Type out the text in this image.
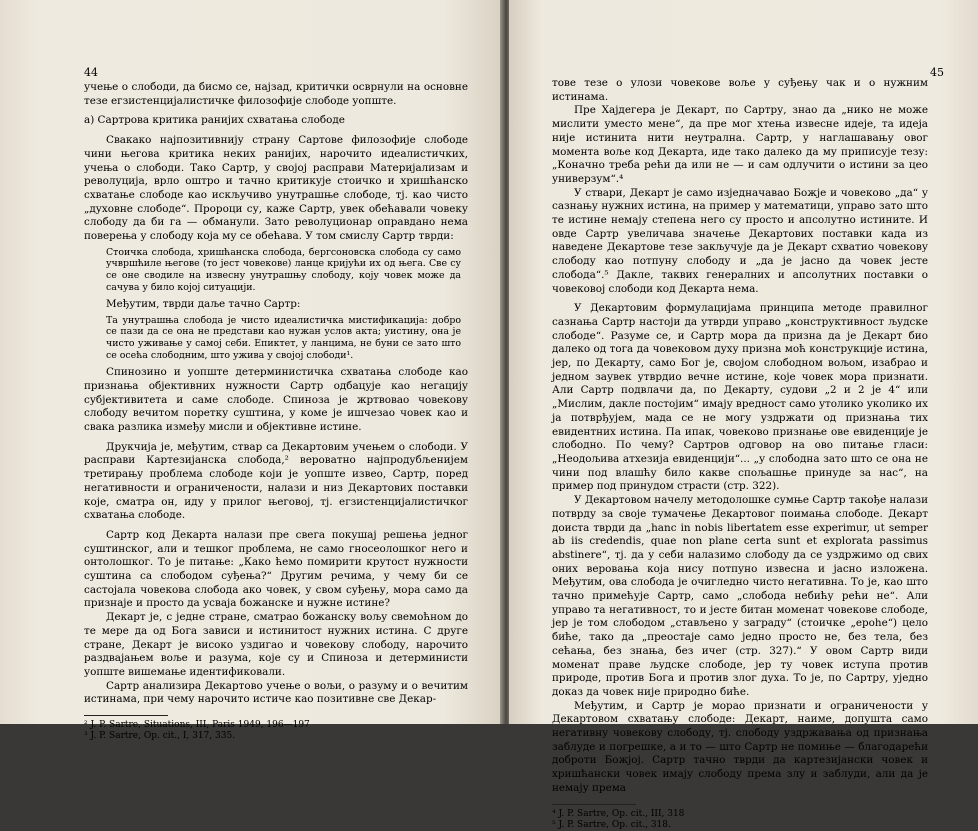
44	45

учење о слободи, да бисмо се, најзад, критички осврнули на основне тезе егзистенцијалистичке филозофије слободе уопште.

а) Сартрова критика ранијих схватања слободе

Свакако најпозитивнију страну Сартове филозофије слободе чини његова критика неких ранијих, нарочито идеалистичких, учења о слободи. Тако Сартр, у својој расправи Материјализам и револуција, врло оштро и тачно критикује стоичко и хришћанско схватање слободе као искључиво унутрашње слободе, тј. као чисто „духовне слободе“. Пророци су, каже Сартр, увек обећавали човеку слободу да би га — обманули. Зато револуционар оправдано нема поверења у слободу која му се обећава. У том смислу Сартр тврди:

Стоичка слобода, хришћанска слобода, бергсоновска слобода су само учвршћиле његове (то јест човекове) ланце кријући их од њега. Све су се оне сводиле на извесну унутрашњу слободу, коју човек може да сачува у било којој ситуацији.

Међутим, тврди даље тачно Сартр:

Та унутрашња слобода је чисто идеалистичка мистификација: добро се пази да се она не представи као нужан услов акта; уистину, она је чисто уживање у самој себи. Епиктет, у ланцима, не буни се зато што се осећа слободним, што ужива у својој слободи¹.

Спинозино и уопште детерминистичка схватања слободе као признања објективних нужности Сартр одбацује као негацију субјективитета и саме слободе. Спиноза је жртвовао човекову слободу вечитом поретку суштина, у коме је ишчезао човек као и свака разлика између мисли и објективне истине.

Друкчија је, међутим, ствар са Декартовим учењем о слободи. У расправи Картезијанска слобода,² вероватно најпродубљенијем третирању проблема слободе који је уопште извео, Сартр, поред негативности и ограничености, налази и низ Декартових поставки које, сматра он, иду у прилог његовој, тј. егзистенцијалистичког схватања слободе.

Сартр код Декарта налази пре свега покушај решења једног суштинског, али и тешког проблема, не само гносеолошког него и онтолошког. То је питање: „Како ћемо помирити крутост нужности суштина са слободом суђења?“ Другим речима, у чему би се састојала човекова слобода ако човек, у свом суђењу, мора само да признаје и просто да усваја божанске и нужне истине?

Декарт је, с једне стране, сматрао божанску вољу свемоћном до те мере да од Бога зависи и истинитост нужних истина. С друге стране, Декарт је високо уздигао и човекову слободу, нарочито раздвајањем воље и разума, које су и Спиноза и детерминисти уопште вишемање идентификовали.

Сартр анализира Декартово учење о вољи, о разуму и о вечитим истинама, при чему нарочито истиче као позитивне све Декар-

² J. P. Sartre, Situations, III, Paris 1949, 196—197

³ J. P. Sartre, Op. cit., I, 317, 335.

тове тезе о улози човекове воље у суђењу чак и о нужним истинама.

Пре Хајдегера је Декарт, по Сартру, знао да „нико не може мислити уместо мене“, да пре мог хтења извесне идеје, та идеја није истинита нити неутрална. Сартр, у наглашавању овог момента вољe код Декарта, иде тако далеко да му приписује тезу: „Коначно треба рећи да или не — и сам одлучити о истини за цео универзум“.⁴

У ствари, Декарт је само изједначавао Божје и човеково „да“ у сазнању нужних истина, на пример у математици, управо зато што те истине немају степена него су просто и апсолутно истините. И овде Сартр увеличава значење Декартових поставки када из наведене Декартове тезе закључује да је Декарт схватио човекову слободу као потпуну слободу и „да је јасно да човек јесте слобода“.⁵ Дакле, таквих генералних и апсолутних поставки о човековој слободи код Декарта нема.

У Декартовим формулацијама принципа методе правилног сазнања Сартр настоји да утврди управо „конструктивност људске слободе“. Разуме се, и Сартр мора да призна да је Декарт био далеко од тога да човековом духу призна моћ конструкције истина, јер, по Декарту, само Бог је, својом слободном вољом, изабрао и једном заувек утврдио вечне истине, које човек мора признати. Али Сартр подвлачи да, по Декарту, судови „2 и 2 је 4“ или „Мислим, дакле постојим“ имају вредност само утолико уколико их ја потврђујем, мада се не могу уздржати од признања тих евидентних истина. Па ипак, човеково признање ове евиденције је слободно. По чему? Сартров одговор на ово питање гласи: „Неодољива атхезија евиденцији“... „у слободна зато што се она не чини под влашћу било какве спољашње принуде за нас“, на пример под принудом страсти (стр. 322).

У Декартовом начелу методолошке сумње Сартр такође налази потврду за своје тумачење Декартовог поимања слободе. Декарт доиста тврди да „hanc in nobis libertatem esse experimur, ut semper ab iis credendis, quae non plane certa sunt et explorata passimus abstinere“, тј. да у себи налазимо слободу да се уздржимо од свих оних веровања која нису потпуно извесна и јасно изложена. Међутим, ова слобода је очигледно чисто негативна. То је, као што тачно примећује Сартр, само „слобода небићу рећи не“. Али управо та негативност, то и јесте битан моменат човекове слободе, јер је том слободом „стављено у заграду“ (стоичке „epohe“) цело биће, тако да „преостаје само једно просто не, без тела, без сећања, без знања, без ичег (стр. 327).“ У овом Сартр види моменат праве људске слободе, јер ту човек иступа против природе, против Бога и против злог духа. То је, по Сартру, уједно доказ да човек није природно биће.

Међутим, и Сартр је морао признати и ограничености у Декартовом схватању слободе: Декарт, наиме, допушта само негативну човекову слободу, тј. слободу уздржавања од признања заблуде и погрешке, а и то — што Сартр не помиње — благодарећи доброти Божјој. Сартр тачно тврди да картезијански човек и хришћански човек имају слободу према злу и заблуди, али да је немају према

⁴ J. P. Sartre, Op. cit., III, 318

⁵ J. P. Sartre, Op. cit., 318.
